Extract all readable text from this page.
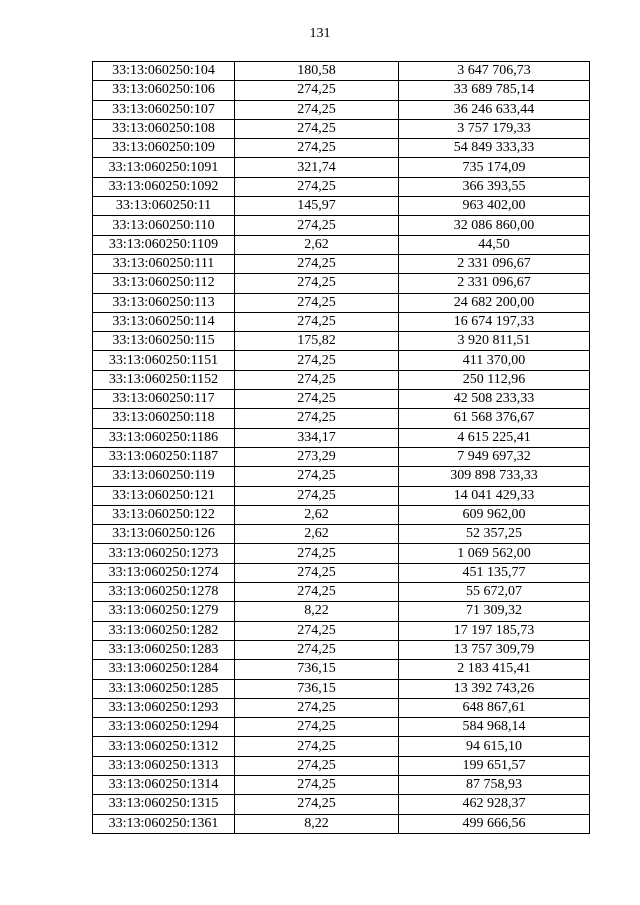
131
33:13:060250:104	180,58	3 647 706,73
33:13:060250:106	274,25	33 689 785,14
33:13:060250:107	274,25	36 246 633,44
33:13:060250:108	274,25	3 757 179,33
33:13:060250:109	274,25	54 849 333,33
33:13:060250:1091	321,74	735 174,09
33:13:060250:1092	274,25	366 393,55
33:13:060250:11	145,97	963 402,00
33:13:060250:110	274,25	32 086 860,00
33:13:060250:1109	2,62	44,50
33:13:060250:111	274,25	2 331 096,67
33:13:060250:112	274,25	2 331 096,67
33:13:060250:113	274,25	24 682 200,00
33:13:060250:114	274,25	16 674 197,33
33:13:060250:115	175,82	3 920 811,51
33:13:060250:1151	274,25	411 370,00
33:13:060250:1152	274,25	250 112,96
33:13:060250:117	274,25	42 508 233,33
33:13:060250:118	274,25	61 568 376,67
33:13:060250:1186	334,17	4 615 225,41
33:13:060250:1187	273,29	7 949 697,32
33:13:060250:119	274,25	309 898 733,33
33:13:060250:121	274,25	14 041 429,33
33:13:060250:122	2,62	609 962,00
33:13:060250:126	2,62	52 357,25
33:13:060250:1273	274,25	1 069 562,00
33:13:060250:1274	274,25	451 135,77
33:13:060250:1278	274,25	55 672,07
33:13:060250:1279	8,22	71 309,32
33:13:060250:1282	274,25	17 197 185,73
33:13:060250:1283	274,25	13 757 309,79
33:13:060250:1284	736,15	2 183 415,41
33:13:060250:1285	736,15	13 392 743,26
33:13:060250:1293	274,25	648 867,61
33:13:060250:1294	274,25	584 968,14
33:13:060250:1312	274,25	94 615,10
33:13:060250:1313	274,25	199 651,57
33:13:060250:1314	274,25	87 758,93
33:13:060250:1315	274,25	462 928,37
33:13:060250:1361	8,22	499 666,56
